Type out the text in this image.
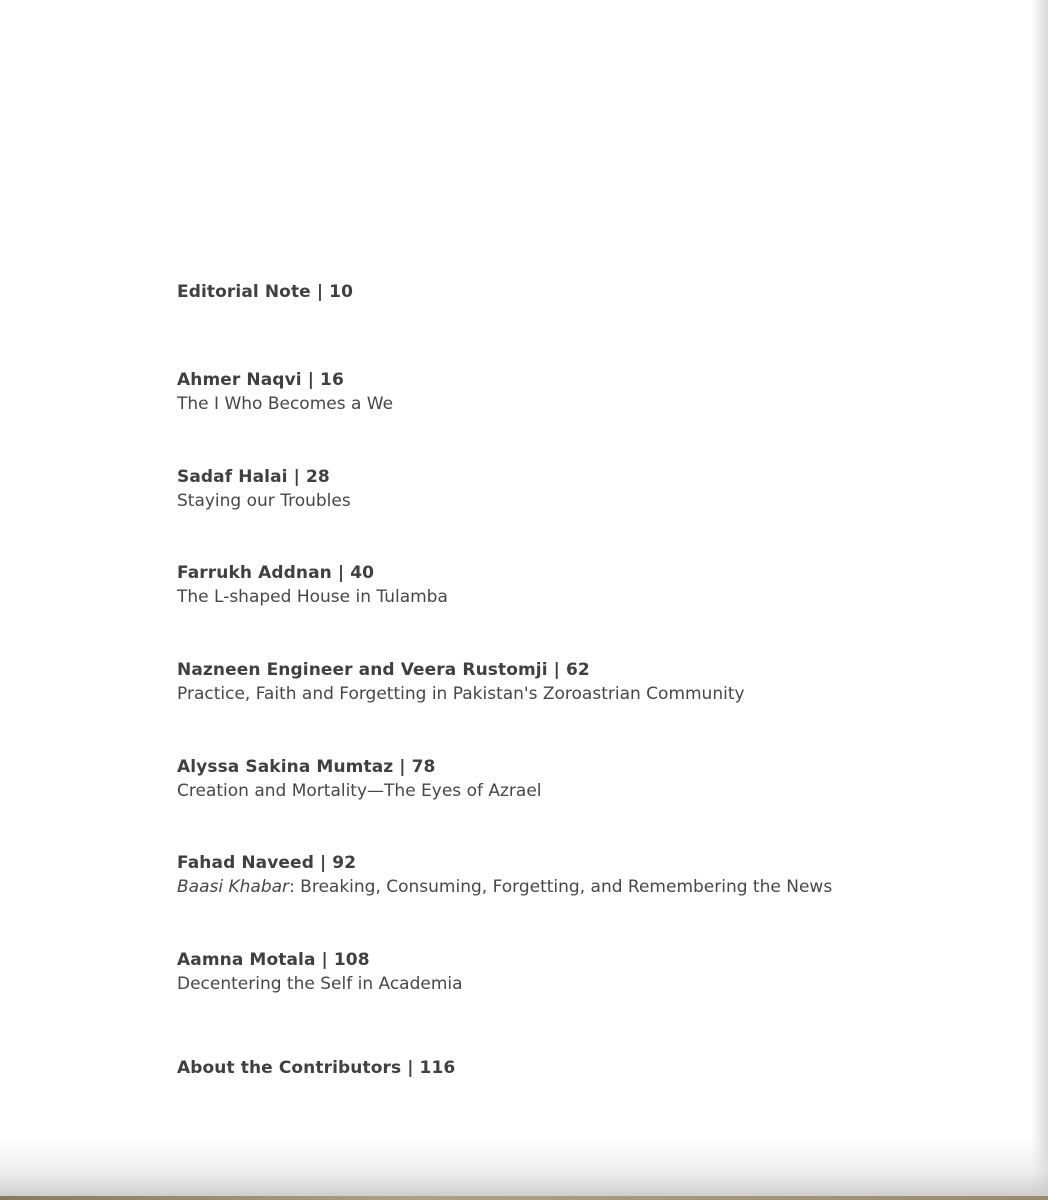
Editorial Note | 10
Ahmer Naqvi | 16
The I Who Becomes a We
Sadaf Halai | 28
Staying our Troubles
Farrukh Addnan | 40
The L-shaped House in Tulamba
Nazneen Engineer and Veera Rustomji | 62
Practice, Faith and Forgetting in Pakistan's Zoroastrian Community
Alyssa Sakina Mumtaz | 78
Creation and Mortality—The Eyes of Azrael
Fahad Naveed | 92
Baasi Khabar: Breaking, Consuming, Forgetting, and Remembering the News
Aamna Motala | 108
Decentering the Self in Academia
About the Contributors | 116
